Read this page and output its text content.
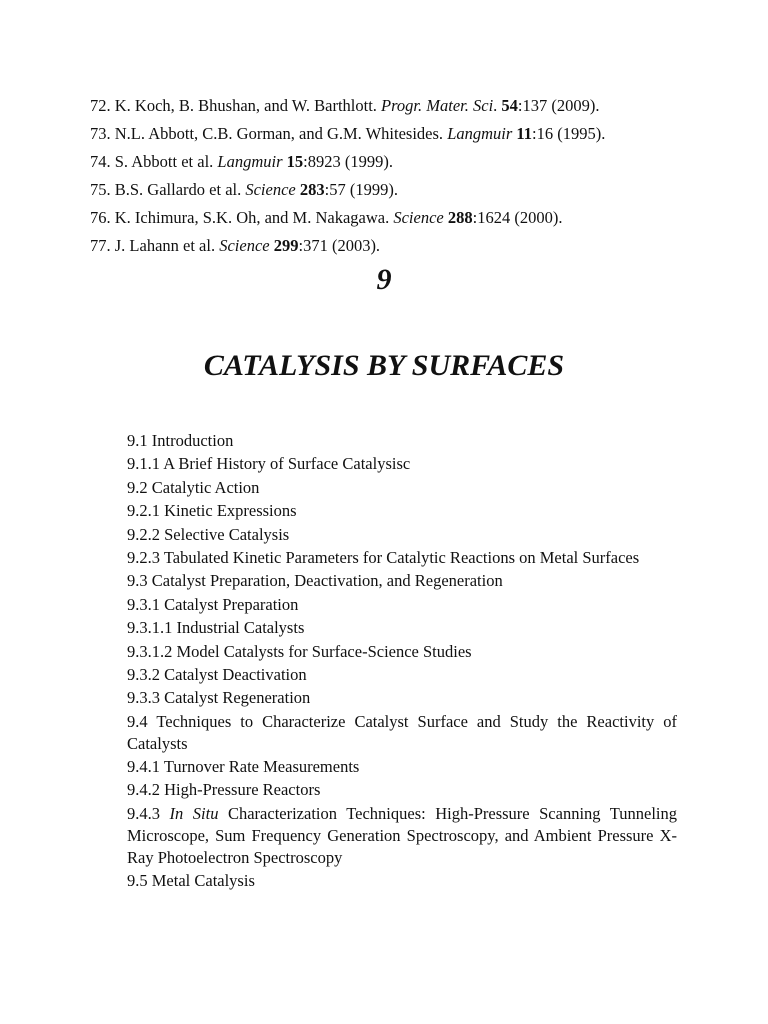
72. K. Koch, B. Bhushan, and W. Barthlott. Progr. Mater. Sci. 54:137 (2009).
73. N.L. Abbott, C.B. Gorman, and G.M. Whitesides. Langmuir 11:16 (1995).
74. S. Abbott et al. Langmuir 15:8923 (1999).
75. B.S. Gallardo et al. Science 283:57 (1999).
76. K. Ichimura, S.K. Oh, and M. Nakagawa. Science 288:1624 (2000).
77. J. Lahann et al. Science 299:371 (2003).
9
CATALYSIS BY SURFACES
9.1 Introduction
9.1.1 A Brief History of Surface Catalysisc
9.2 Catalytic Action
9.2.1 Kinetic Expressions
9.2.2 Selective Catalysis
9.2.3 Tabulated Kinetic Parameters for Catalytic Reactions on Metal Surfaces
9.3 Catalyst Preparation, Deactivation, and Regeneration
9.3.1 Catalyst Preparation
9.3.1.1 Industrial Catalysts
9.3.1.2 Model Catalysts for Surface-Science Studies
9.3.2 Catalyst Deactivation
9.3.3 Catalyst Regeneration
9.4 Techniques to Characterize Catalyst Surface and Study the Reactivity of Catalysts
9.4.1 Turnover Rate Measurements
9.4.2 High-Pressure Reactors
9.4.3 In Situ Characterization Techniques: High-Pressure Scanning Tunneling Microscope, Sum Frequency Generation Spectroscopy, and Ambient Pressure X-Ray Photoelectron Spectroscopy
9.5 Metal Catalysis
